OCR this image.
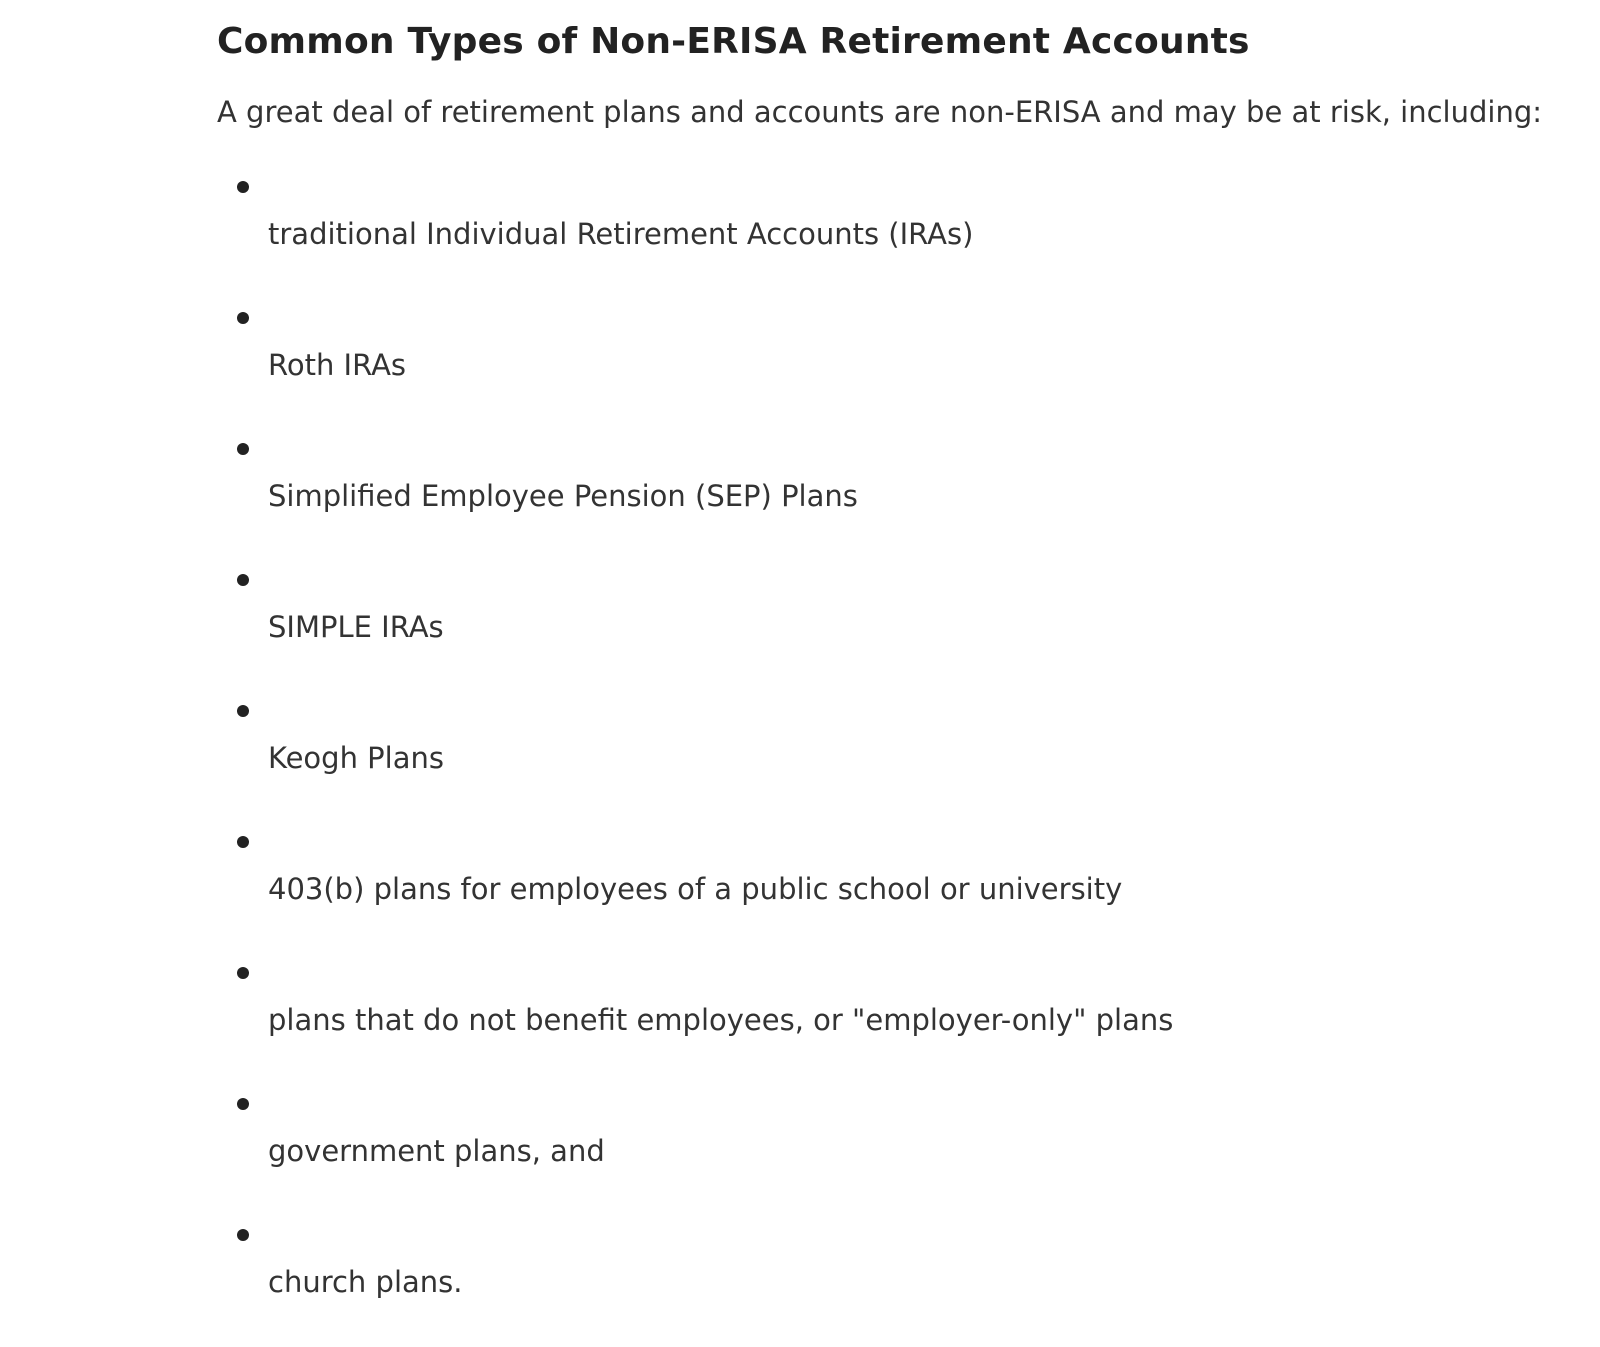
Common Types of Non-ERISA Retirement Accounts

A great deal of retirement plans and accounts are non-ERISA and may be at risk, including:

traditional Individual Retirement Accounts (IRAs)
Roth IRAs
Simplified Employee Pension (SEP) Plans
SIMPLE IRAs
Keogh Plans
403(b) plans for employees of a public school or university
plans that do not benefit employees, or "employer-only" plans
government plans, and
church plans.
